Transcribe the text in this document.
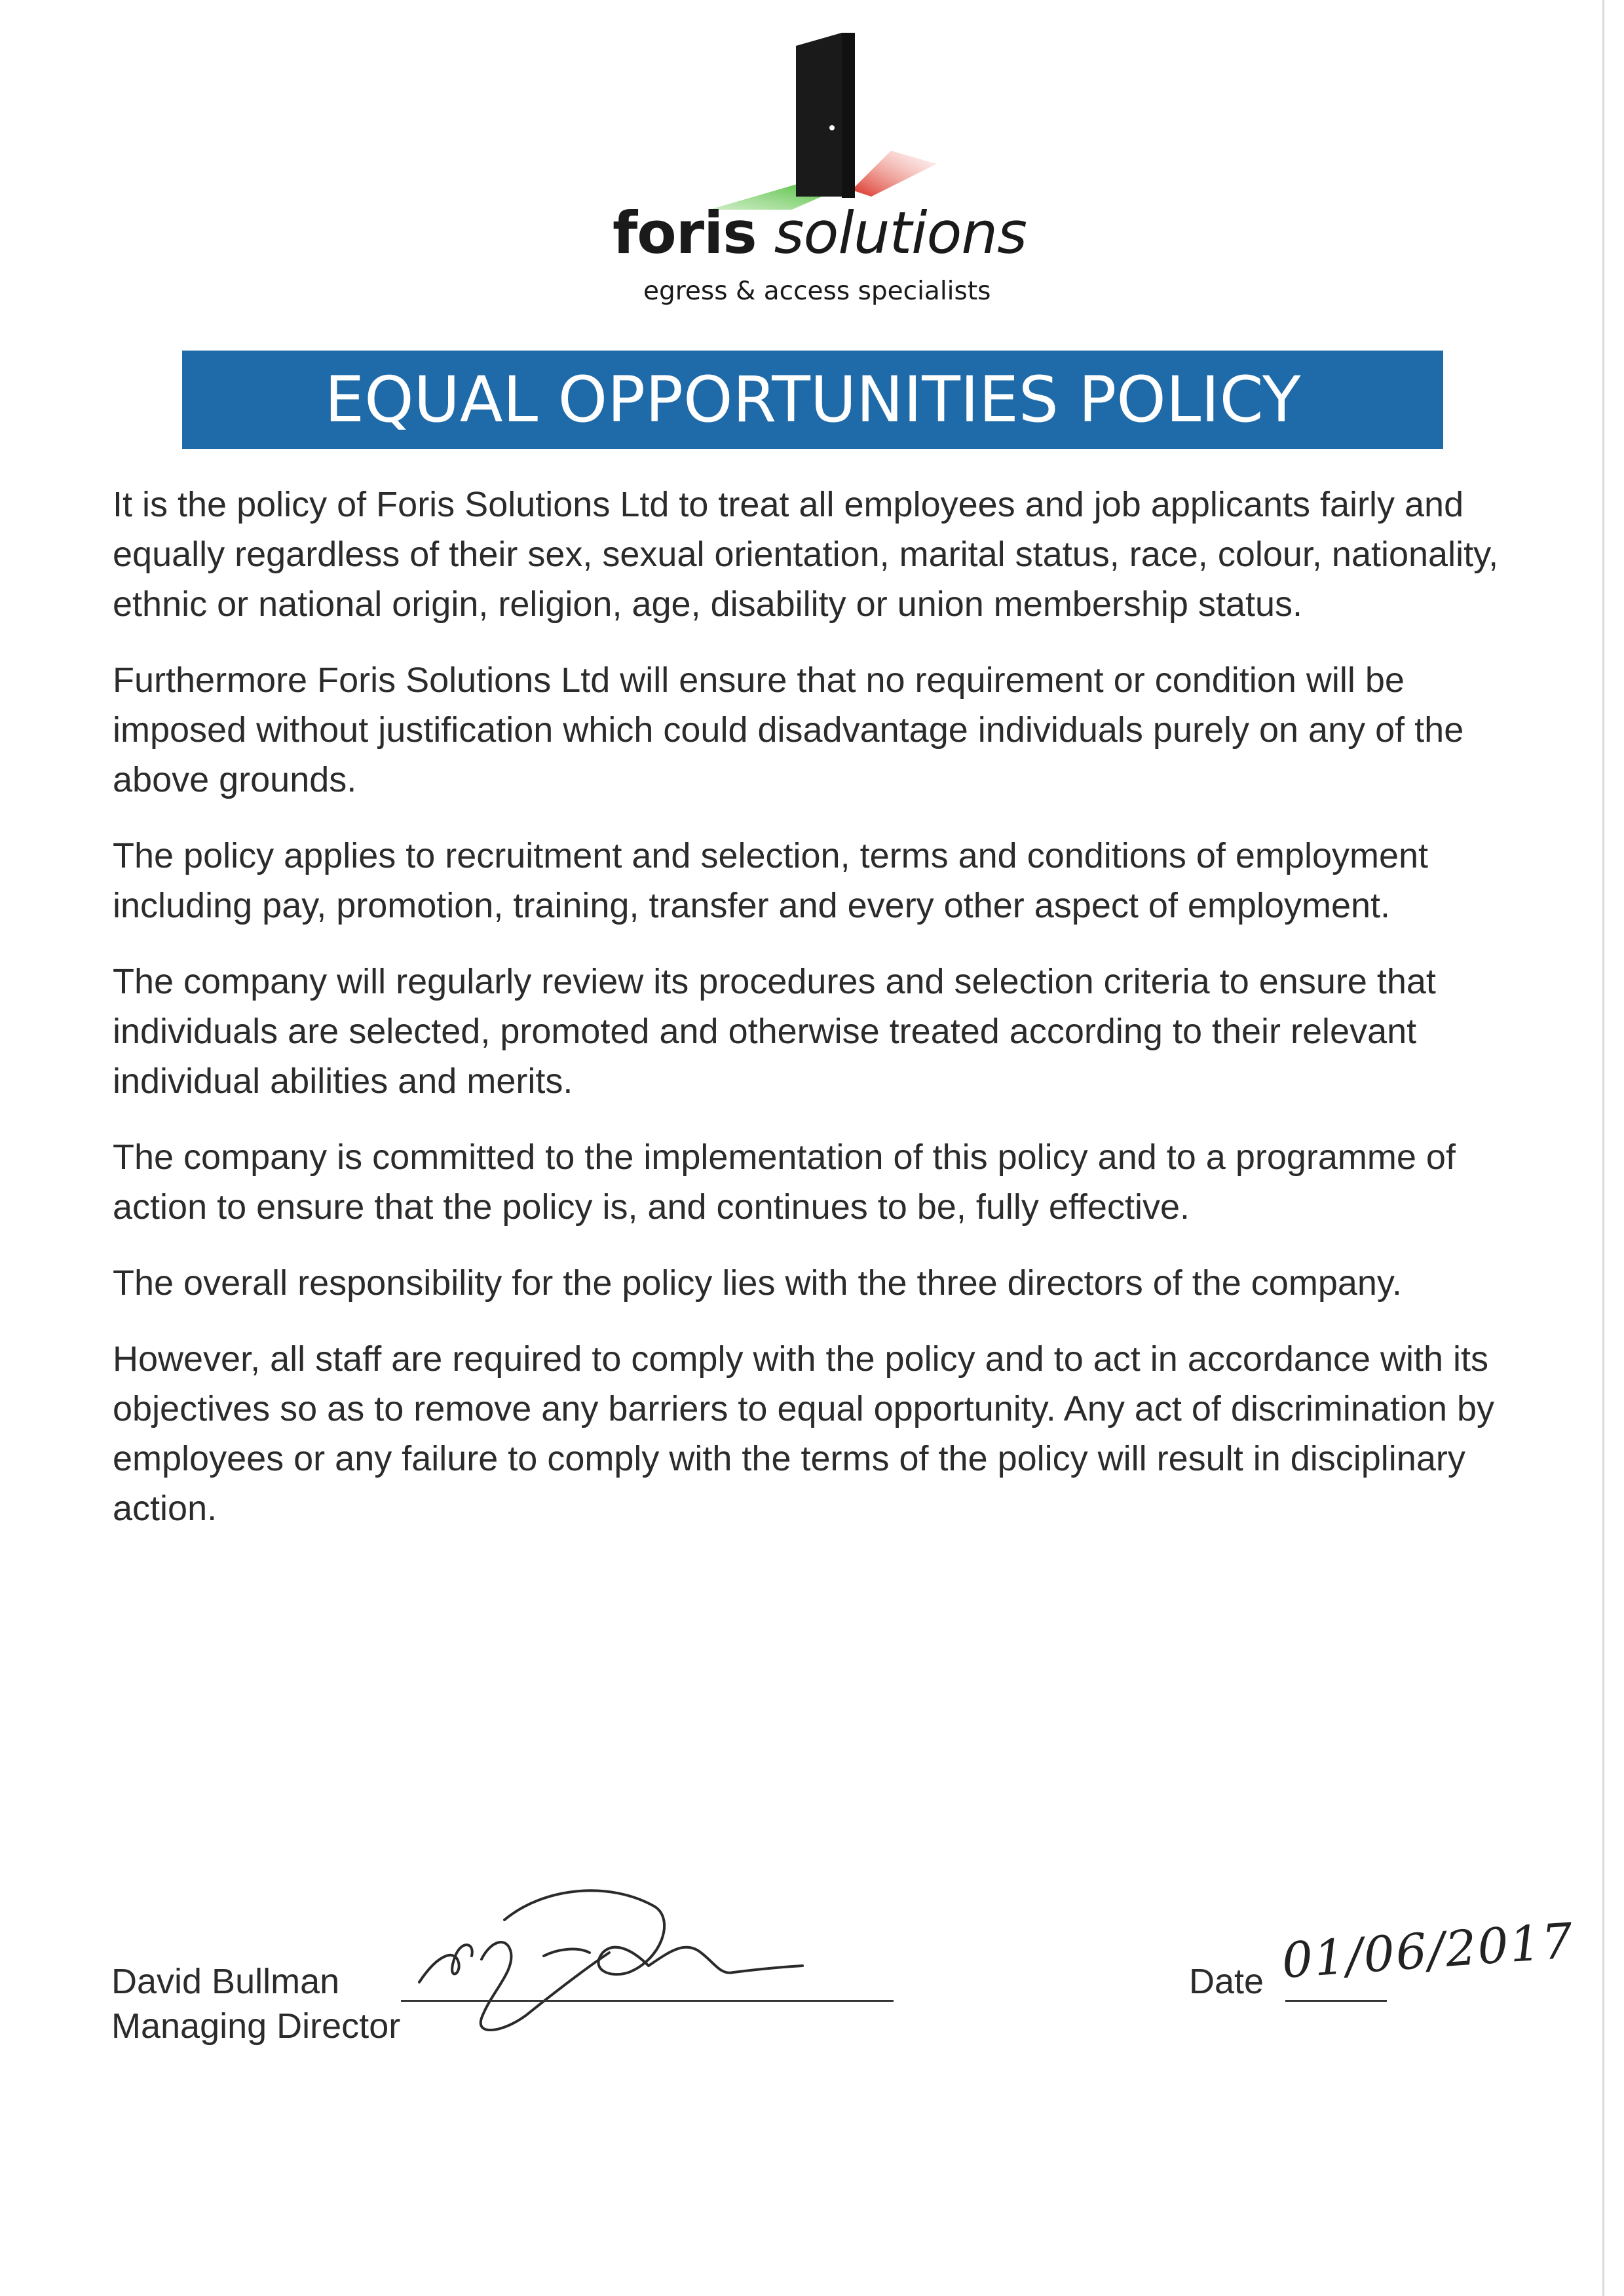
foris solutions
egress & access specialists
EQUAL OPPORTUNITIES POLICY

It is the policy of Foris Solutions Ltd to treat all employees and job applicants fairly and equally regardless of their sex, sexual orientation, marital status, race, colour, nationality, ethnic or national origin, religion, age, disability or union membership status.

Furthermore Foris Solutions Ltd will ensure that no requirement or condition will be imposed without justification which could disadvantage individuals purely on any of the above grounds.

The policy applies to recruitment and selection, terms and conditions of employment including pay, promotion, training, transfer and every other aspect of employment.

The company will regularly review its procedures and selection criteria to ensure that individuals are selected, promoted and otherwise treated according to their relevant individual abilities and merits.

The company is committed to the implementation of this policy and to a programme of action to ensure that the policy is, and continues to be, fully effective.

The overall responsibility for the policy lies with the three directors of the company.

However, all staff are required to comply with the policy and to act in accordance with its objectives so as to remove any barriers to equal opportunity. Any act of discrimination by employees or any failure to comply with the terms of the policy will result in disciplinary action.

David Bullman
Managing Director
Date 01/06/2017
